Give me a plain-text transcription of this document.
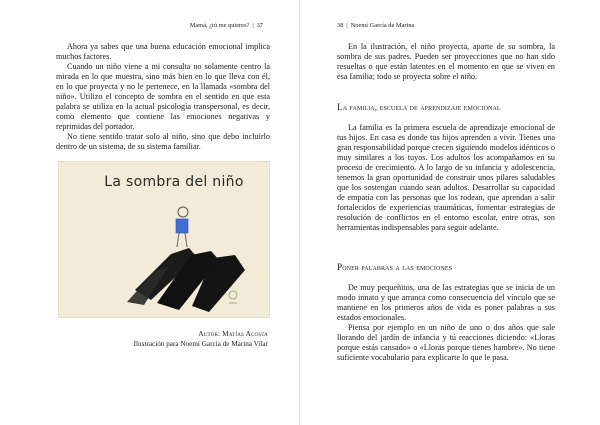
Mamá, ¿tú me quieres? | 37

Ahora ya sabes que una buena educación emocional implica muchos factores.

Cuando un niño viene a mi consulta no solamente centro la mirada en lo que muestra, sino más bien en lo que lleva con él, en lo que proyecta y no le pertenece, en la llamada «sombra del niño». Utilizo el concepto de sombra en el sentido en que esta palabra se utiliza en la actual psicología transpersonal, es decir, como elemento que contiene las emociones negativas y reprimidas del portador.

No tiene sentido tratar solo al niño, sino que debo incluirlo dentro de un sistema, de su sistema familiar.

La sombra del niño
Autor: Matías Acosta
Ilustración para Noemí García de Marina Vilar
38 | Noemí García de Marina

En la ilustración, el niño proyecta, aparte de su sombra, la sombra de sus padres. Pueden ser proyecciones que no han sido resueltas o que están latentes en el momento en que se viven en esa familia; todo se proyecta sobre el niño.

La familia, escuela de aprendizaje emocional

La familia es la primera escuela de aprendizaje emocional de tus hijos. En casa es donde tus hijos aprenden a vivir. Tienes una gran responsabilidad porque crecen siguiendo modelos idénticos o muy similares a los tuyos. Los adultos los acompañamos en su proceso de crecimiento. A lo largo de su infancia y adolescencia, tenemos la gran oportunidad de construir unos pilares saludables que los sostengan cuando sean adultos. Desarrollar su capacidad de empatía con las personas que los rodean, que aprendan a salir fortalecidos de experiencias traumáticas, fomentar estrategias de resolución de conflictos en el entorno escolar, entre otras, son herramientas indispensables para seguir adelante.

Poner palabras a las emociones

De muy pequeñitos, una de las estrategias que se inicia de un modo innato y que arranca como consecuencia del vínculo que se mantiene en los primeros años de vida es poner palabras a sus estados emocionales.

Piensa por ejemplo en un niño de uno o dos años que sale llorando del jardín de infancia y tú reacciones diciendo: «Lloras porque estás cansado» o «Lloras porque tienes hambre». No tiene suficiente vocabulario para explicarte lo que le pasa.
